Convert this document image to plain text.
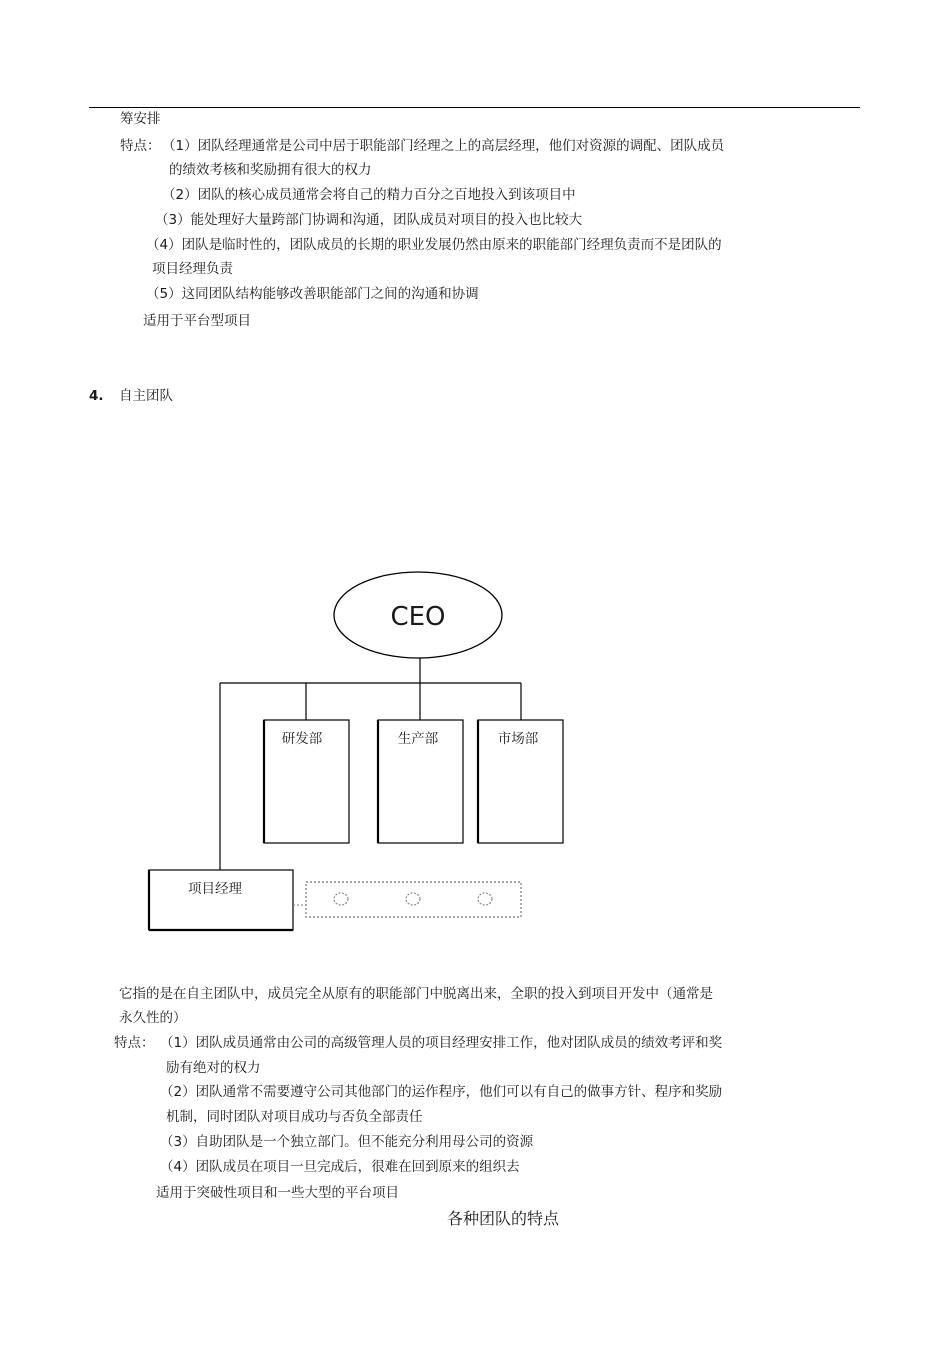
筹安排
特点： （1）团队经理通常是公司中居于职能部门经理之上的高层经理，他们对资源的调配、团队成员
的绩效考核和奖励拥有很大的权力
（2）团队的核心成员通常会将自己的精力百分之百地投入到该项目中
（3）能处理好大量跨部门协调和沟通，团队成员对项目的投入也比较大
（4）团队是临时性的，团队成员的长期的职业发展仍然由原来的职能部门经理负责而不是团队的
项目经理负责
（5）这同团队结构能够改善职能部门之间的沟通和协调
适用于平台型项目
4. 自主团队
CEO
研发部	生产部	市场部
项目经理
它指的是在自主团队中，成员完全从原有的职能部门中脱离出来，全职的投入到项目开发中（通常是
永久性的）
特点： （1）团队成员通常由公司的高级管理人员的项目经理安排工作，他对团队成员的绩效考评和奖
励有绝对的权力
（2）团队通常不需要遵守公司其他部门的运作程序，他们可以有自己的做事方针、程序和奖励
机制，同时团队对项目成功与否负全部责任
（3）自助团队是一个独立部门。但不能充分利用母公司的资源
（4）团队成员在项目一旦完成后，很难在回到原来的组织去
适用于突破性项目和一些大型的平台项目
各种团队的特点
